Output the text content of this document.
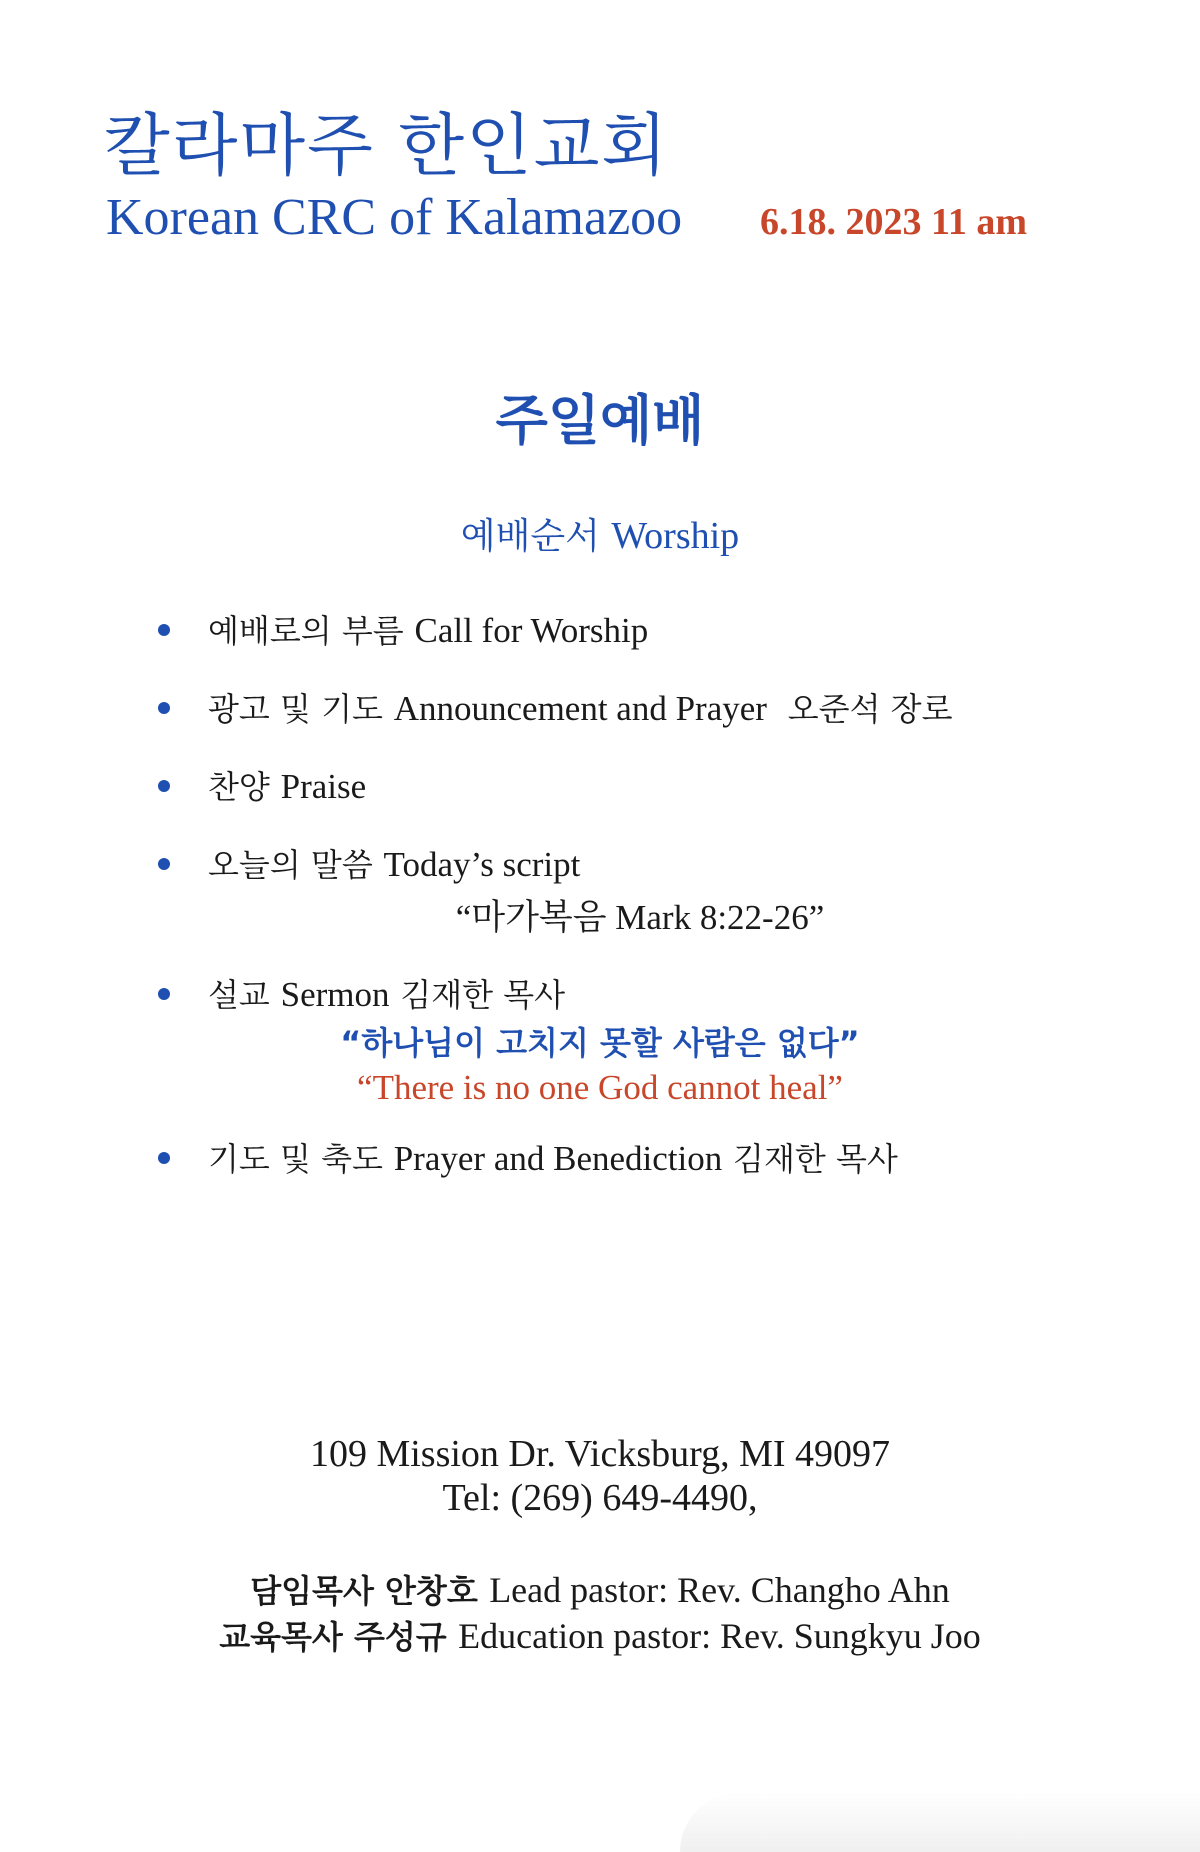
칼라마주 한인교회
Korean CRC of Kalamazoo 6.18. 2023 11 am
주일예배
예배순서 Worship
예배로의 부름 Call for Worship
광고 및 기도 Announcement and Prayer 오준석 장로
찬양 Praise
오늘의 말씀 Today’s script
“마가복음 Mark 8:22-26”
설교 Sermon 김재한 목사
“하나님이 고치지 못할 사람은 없다”
“There is no one God cannot heal”
기도 및 축도 Prayer and Benediction 김재한 목사
109 Mission Dr. Vicksburg, MI 49097
Tel: (269) 649-4490,
담임목사 안창호 Lead pastor: Rev. Changho Ahn
교육목사 주성규 Education pastor: Rev. Sungkyu Joo
